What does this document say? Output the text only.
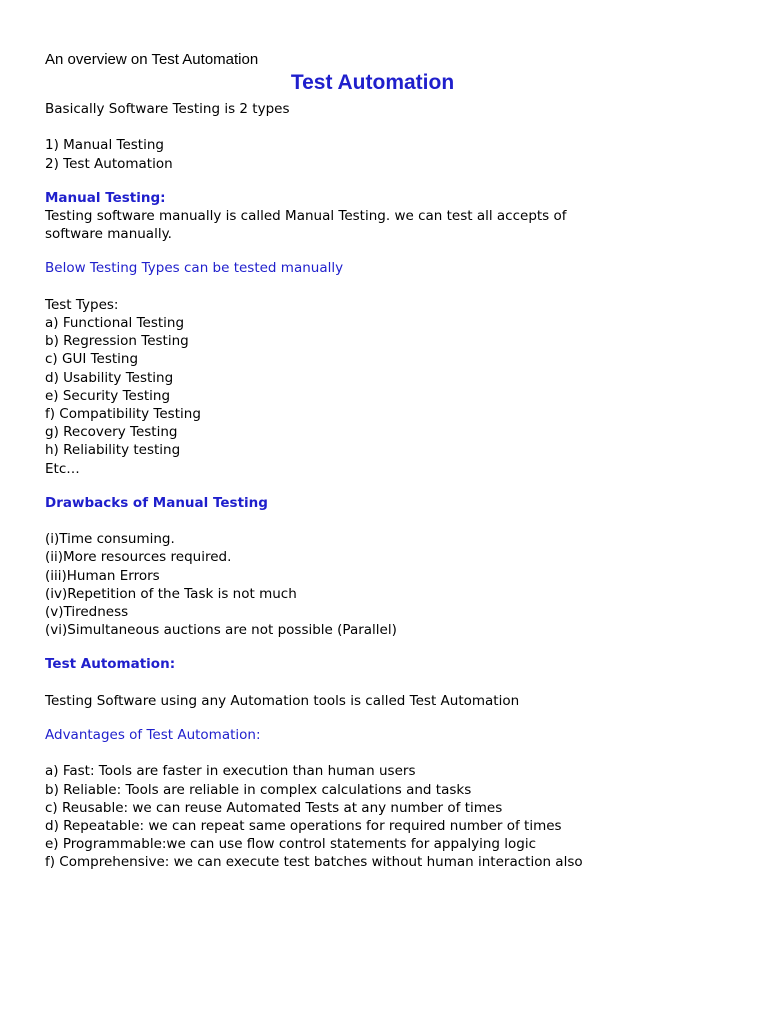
An overview on Test Automation

Test Automation

Basically Software Testing is 2 types

1) Manual Testing
2) Test Automation

Manual Testing:

Testing software manually is called Manual Testing. we can test all accepts of
software manually.

Below Testing Types can be tested manually

Test Types:
a) Functional Testing
b) Regression Testing
c) GUI Testing
d) Usability Testing
e) Security Testing
f) Compatibility Testing
g) Recovery Testing
h) Reliability testing
Etc…

Drawbacks of Manual Testing

(i)Time consuming.
(ii)More resources required.
(iii)Human Errors
(iv)Repetition of the Task is not much
(v)Tiredness
(vi)Simultaneous auctions are not possible (Parallel)

Test Automation:

Testing Software using any Automation tools is called Test Automation

Advantages of Test Automation:

a) Fast: Tools are faster in execution than human users
b) Reliable: Tools are reliable in complex calculations and tasks
c) Reusable: we can reuse Automated Tests at any number of times
d) Repeatable: we can repeat same operations for required number of times
e) Programmable:we can use flow control statements for appalying logic
f) Comprehensive: we can execute test batches without human interaction also
